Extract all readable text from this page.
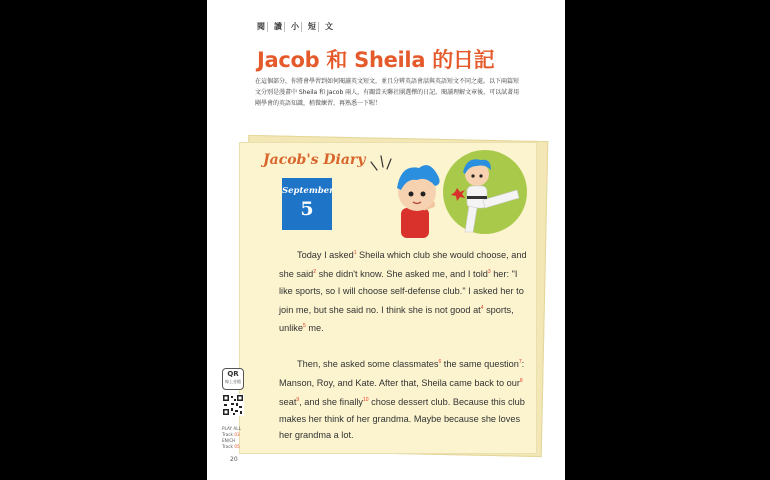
閱	讀	小	短	文
Jacob 和 Sheila 的日記
在這個部分，你將會學習到如何閱讀英文短文，並且分辨英語會話與英語短文不同之處。以下兩篇短文分別是漫畫中 Sheila 和 Jacob 兩人，有關當天聯社團選擇的日記。閱讀理解文章後，可以試著用剛學會的英語知識，稍微練習、再熟悉一下喔！
Jacob's Diary
September
5

Today I asked$^1$ Sheila which club she would choose, and she said$^2$ she didn't know. She asked me, and I told$^3$ her: "I like sports, so I will choose self-defense club." I asked her to join me, but she said no. I think she is not good $at^4$ sports, unlike$^5$ me.

Then, she asked some classmates$^6$ the same question$^7$: Manson, Roy, and Kate. After that, Sheila came back to our$^8$ seat$^9$, and she finally$^{10}$ chose dessert club. Because this club makes her think of her grandma. Maybe because she loves her grandma a lot.

QR
線上音檔
PLAY ALL
Track 03
EN/CH
Track 05
20
